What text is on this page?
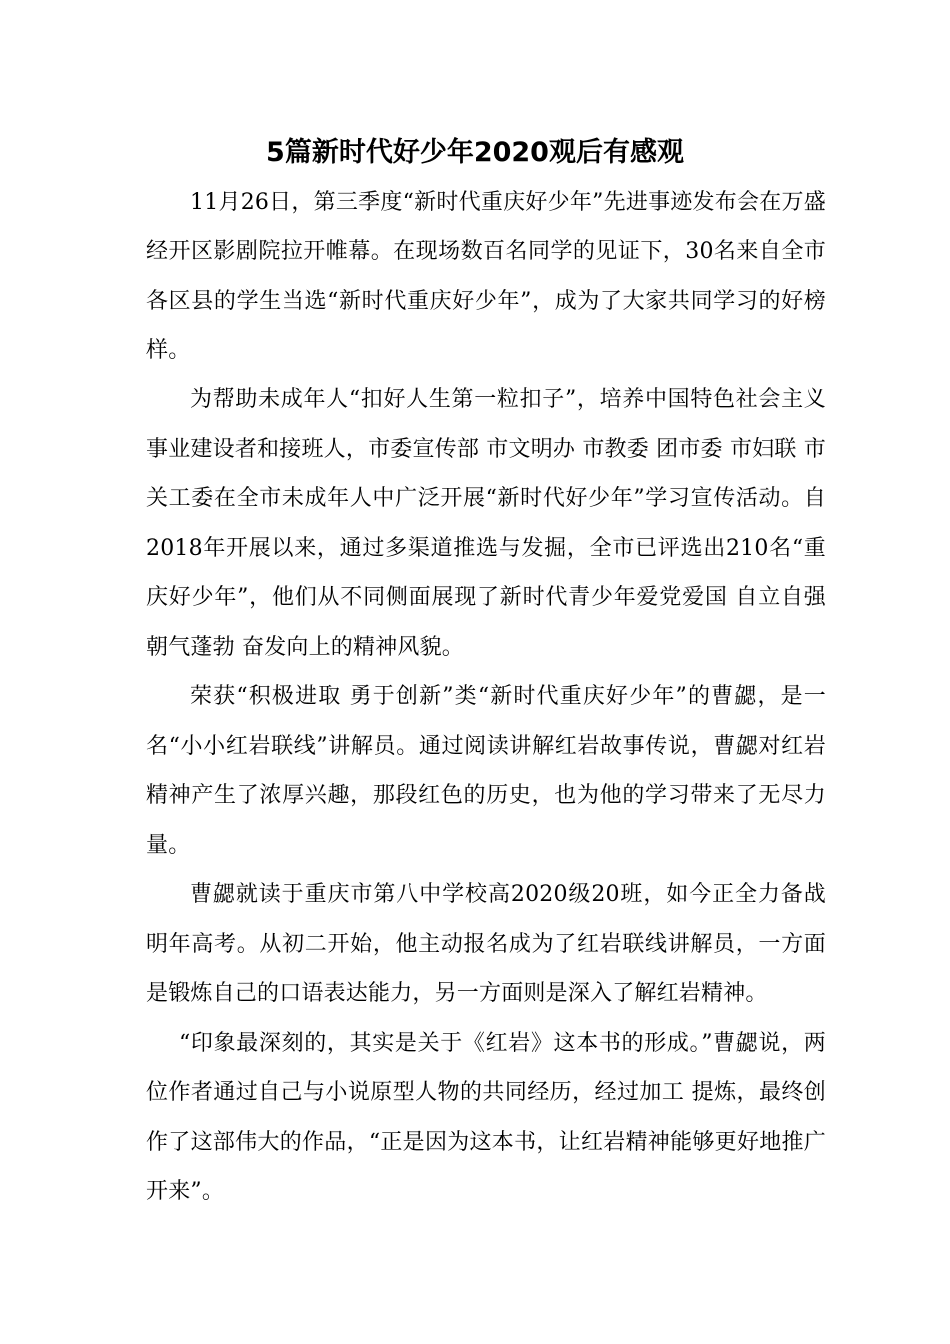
5篇新时代好少年2020观后有感观

11月26日，第三季度“新时代重庆好少年”先进事迹发布会在万盛经开区影剧院拉开帷幕。在现场数百名同学的见证下，30名来自全市各区县的学生当选“新时代重庆好少年”，成为了大家共同学习的好榜样。

为帮助未成年人“扣好人生第一粒扣子”，培养中国特色社会主义事业建设者和接班人，市委宣传部 市文明办 市教委 团市委 市妇联 市关工委在全市未成年人中广泛开展“新时代好少年”学习宣传活动。自2018年开展以来，通过多渠道推选与发掘，全市已评选出210名“重庆好少年”，他们从不同侧面展现了新时代青少年爱党爱国 自立自强 朝气蓬勃 奋发向上的精神风貌。

荣获“积极进取 勇于创新”类“新时代重庆好少年”的曹勰，是一名“小小红岩联线”讲解员。通过阅读讲解红岩故事传说，曹勰对红岩精神产生了浓厚兴趣，那段红色的历史，也为他的学习带来了无尽力量。

曹勰就读于重庆市第八中学校高2020级20班，如今正全力备战明年高考。从初二开始，他主动报名成为了红岩联线讲解员，一方面是锻炼自己的口语表达能力，另一方面则是深入了解红岩精神。

“印象最深刻的，其实是关于《红岩》这本书的形成。”曹勰说，两位作者通过自己与小说原型人物的共同经历，经过加工 提炼，最终创作了这部伟大的作品，“正是因为这本书，让红岩精神能够更好地推广开来”。
